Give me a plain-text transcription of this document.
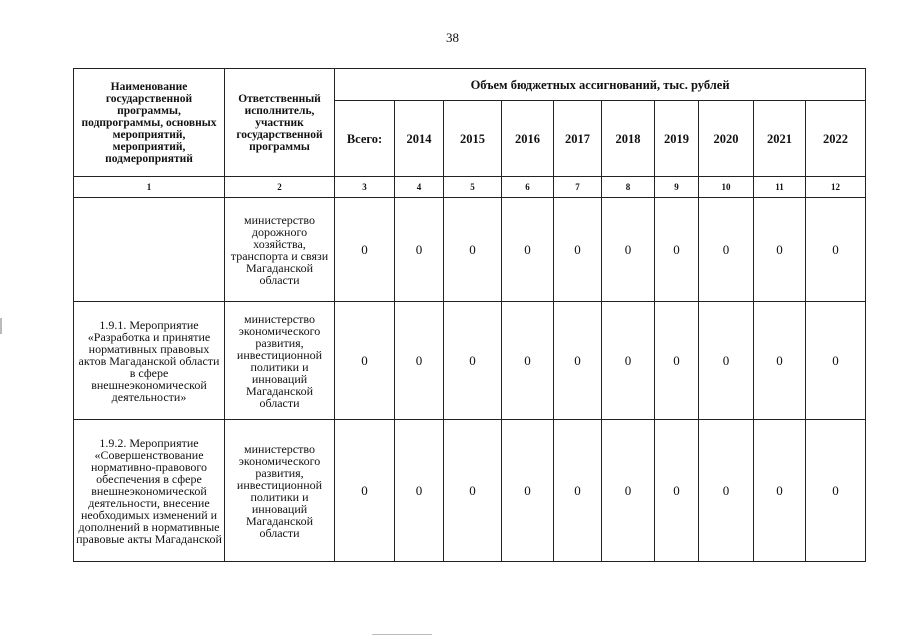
38
Наименование государственной программы, подпрограммы, основных мероприятий, мероприятий, подмероприятий	Ответственный исполнитель, участник государственной программы	Объем бюджетных ассигнований, тыс. рублей									
		Всего:	2014	2015	2016	2017	2018	2019	2020	2021	2022
1	2	3	4	5	6	7	8	9	10	11	12
	министерство дорожного хозяйства, транспорта и связи Магаданской области	0	0	0	0	0	0	0	0	0	0
1.9.1. Мероприятие «Разработка и принятие нормативных правовых актов Магаданской области в сфере внешнеэкономической деятельности»	министерство экономического развития, инвестиционной политики и инноваций Магаданской области	0	0	0	0	0	0	0	0	0	0
1.9.2. Мероприятие «Совершенствование нормативно-правового обеспечения в сфере внешнеэкономической деятельности, внесение необходимых изменений и дополнений в нормативные правовые акты Магаданской	министерство экономического развития, инвестиционной политики и инноваций Магаданской области	0	0	0	0	0	0	0	0	0	0
